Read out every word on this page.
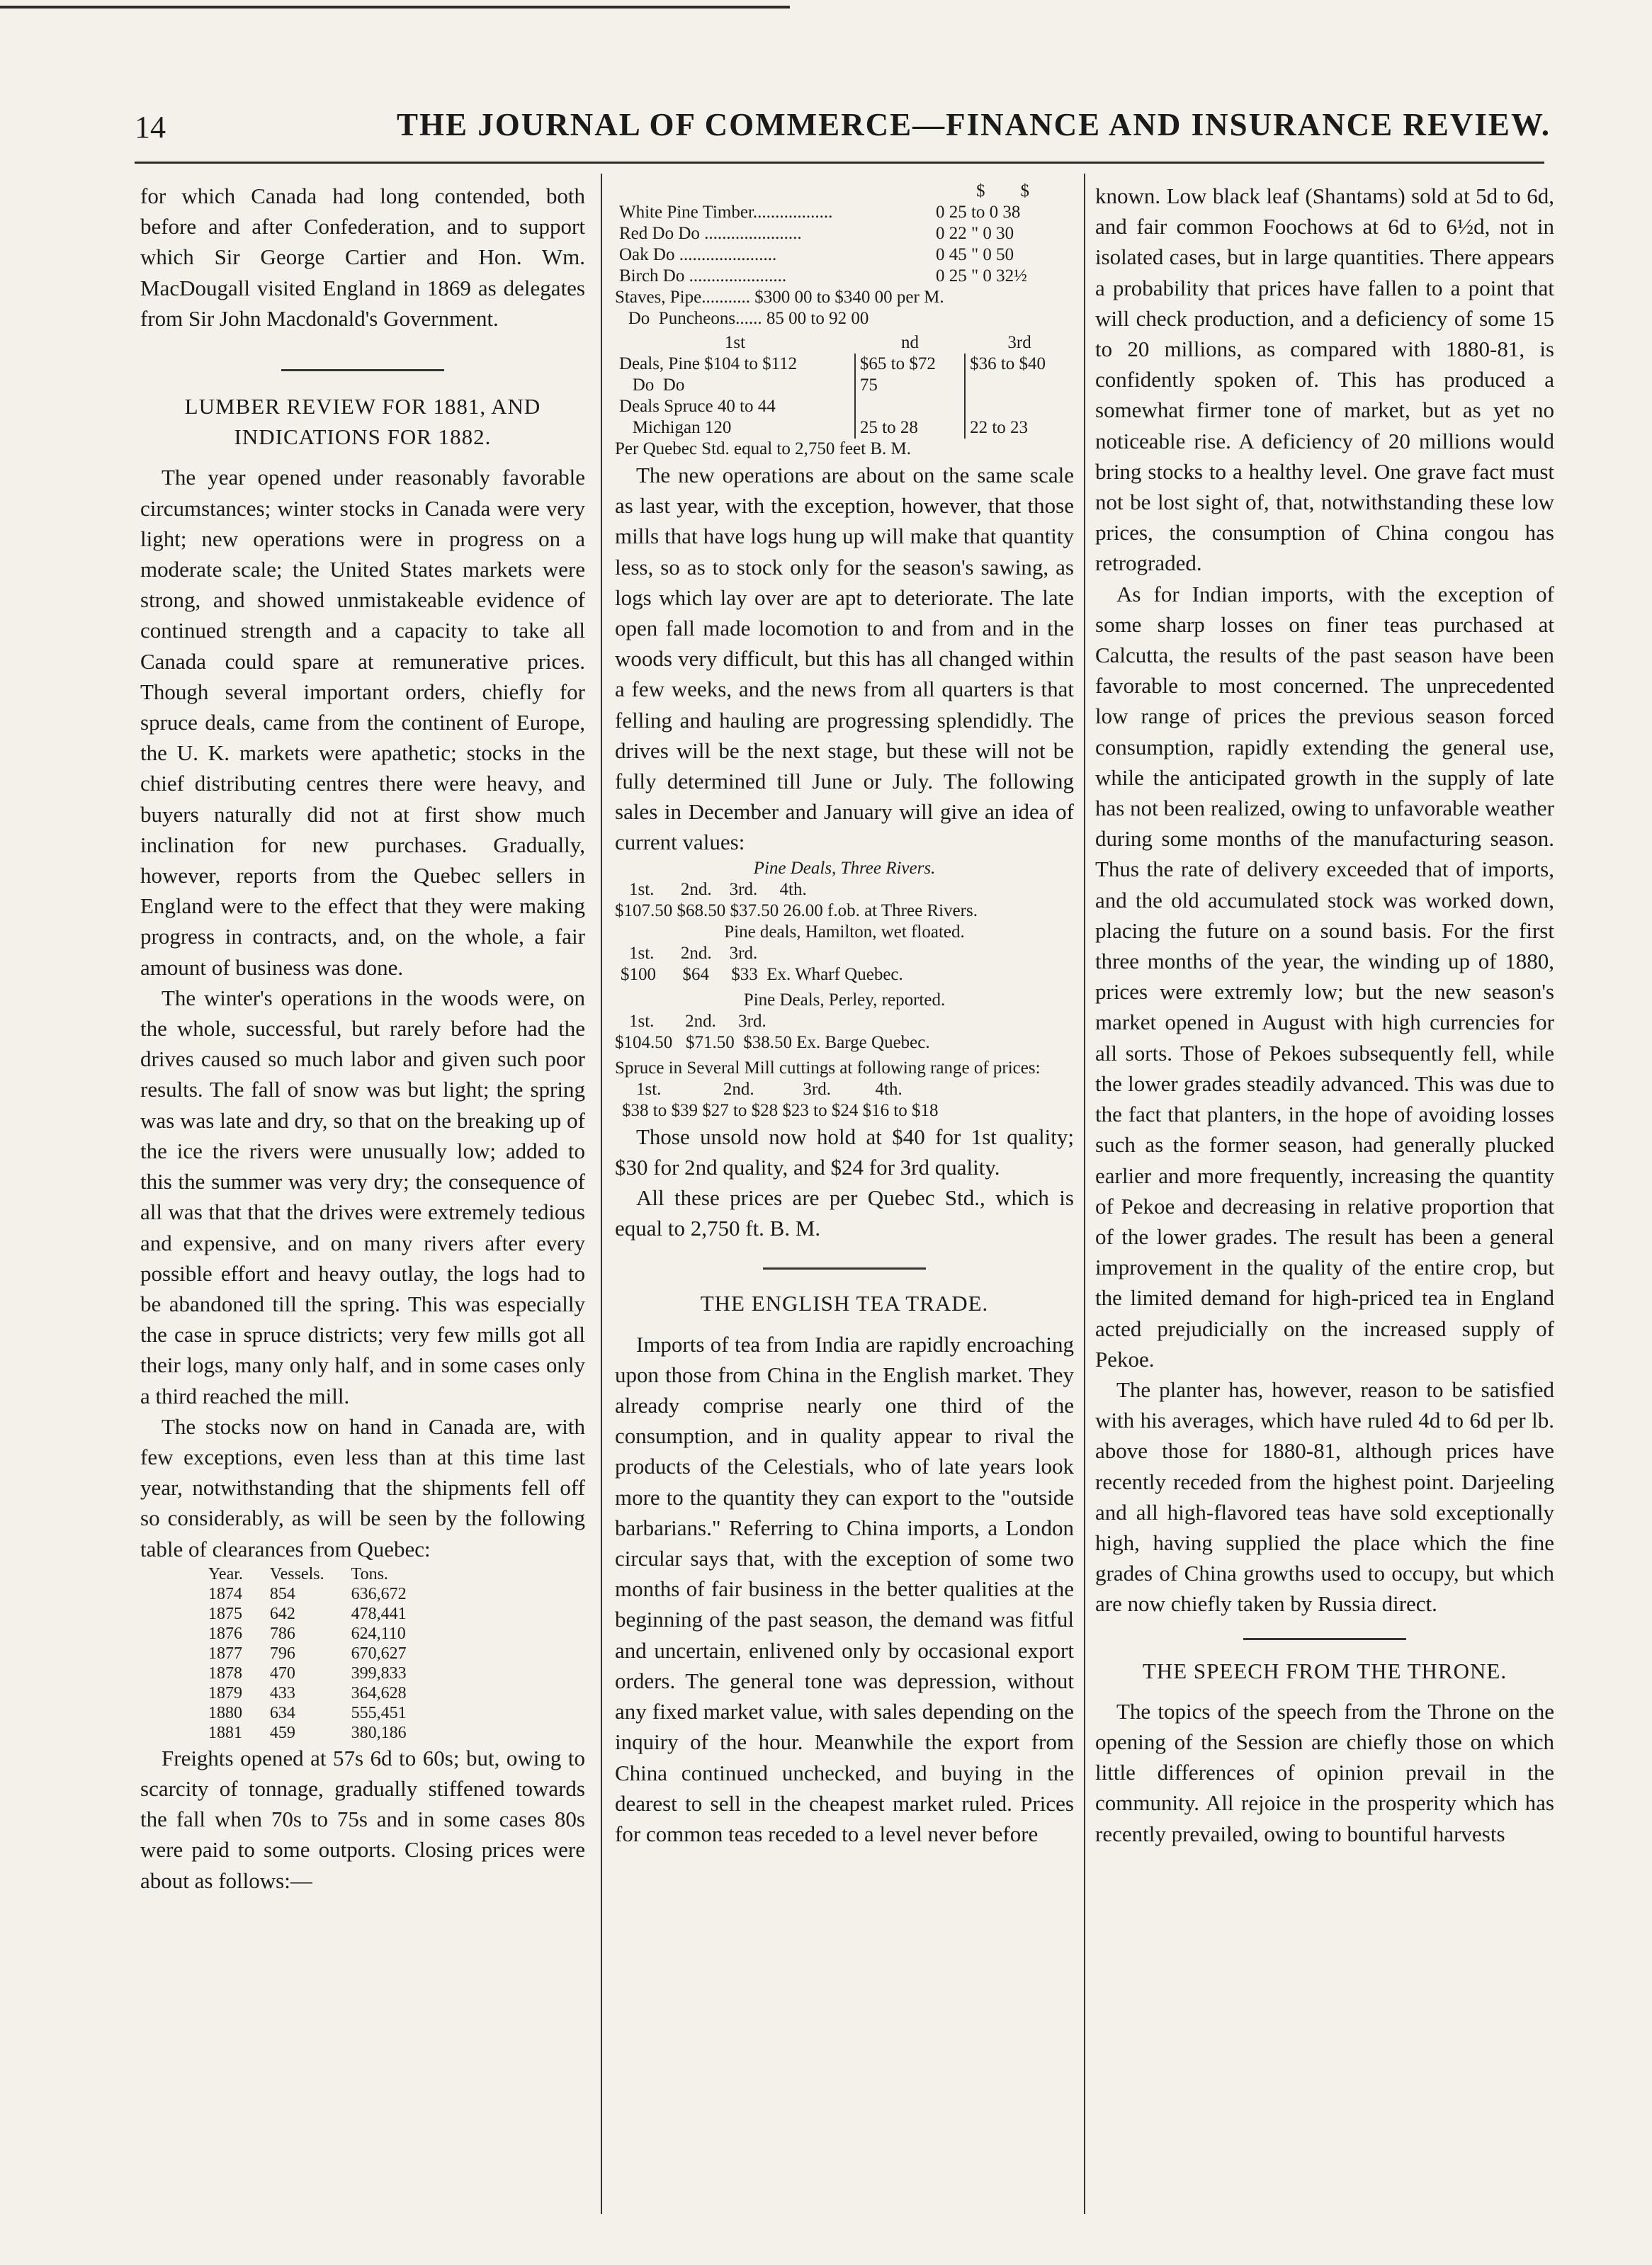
14	THE JOURNAL OF COMMERCE—FINANCE AND INSURANCE REVIEW.

for which Canada had long contended, both before and after Confederation, and to support which Sir George Cartier and Hon. Wm. MacDougall visited England in 1869 as delegates from Sir John Macdonald's Government.

LUMBER REVIEW FOR 1881, AND INDICATIONS FOR 1882.

The year opened under reasonably favorable circumstances; winter stocks in Canada were very light; new operations were in progress on a moderate scale; the United States markets were strong, and showed unmistakeable evidence of continued strength and a capacity to take all Canada could spare at remunerative prices. Though several important orders, chiefly for spruce deals, came from the continent of Europe, the U. K. markets were apathetic; stocks in the chief distributing centres there were heavy, and buyers naturally did not at first show much inclination for new purchases. Gradually, however, reports from the Quebec sellers in England were to the effect that they were making progress in contracts, and, on the whole, a fair amount of business was done.

The winter's operations in the woods were, on the whole, successful, but rarely before had the drives caused so much labor and given such poor results. The fall of snow was but light; the spring was was late and dry, so that on the breaking up of the ice the rivers were unusually low; added to this the summer was very dry; the consequence of all was that that the drives were extremely tedious and expensive, and on many rivers after every possible effort and heavy outlay, the logs had to be abandoned till the spring. This was especially the case in spruce districts; very few mills got all their logs, many only half, and in some cases only a third reached the mill.

The stocks now on hand in Canada are, with few exceptions, even less than at this time last year, notwithstanding that the shipments fell off so considerably, as will be seen by the following table of clearances from Quebec:

Year.	Vessels.	Tons.
1874	854	636,672
1875	642	478,441
1876	786	624,110
1877	796	670,627
1878	470	399,833
1879	433	364,628
1880	634	555,451
1881	459	380,186

Freights opened at 57s 6d to 60s; but, owing to scarcity of tonnage, gradually stiffened towards the fall when 70s to 75s and in some cases 80s were paid to some outports. Closing prices were about as follows:—

	$ $
White Pine Timber..................	0 25 to 0 38
Red Do Do ......................	0 22 " 0 30
Oak Do ......................	0 45 " 0 50
Birch Do ......................	0 25 " 0 32½
Staves, Pipe........... $300 00 to $340 00 per M.
Do  Puncheons...... 85 00 to 92 00
1st	nd	3rd
Deals, Pine $104 to $112	$65 to $72	$36 to $40
Do  Do	75	
Deals Spruce 40 to 44		
Michigan 120	25 to 28	22 to 23
Per Quebec Std. equal to 2,750 feet B. M.

The new operations are about on the same scale as last year, with the exception, however, that those mills that have logs hung up will make that quantity less, so as to stock only for the season's sawing, as logs which lay over are apt to deteriorate. The late open fall made locomotion to and from and in the woods very difficult, but this has all changed within a few weeks, and the news from all quarters is that felling and hauling are progressing splendidly. The drives will be the next stage, but these will not be fully determined till June or July. The following sales in December and January will give an idea of current values:

Pine Deals, Three Rivers.
1st.      2nd.    3rd.     4th.
$107.50 $68.50 $37.50 26.00 f.ob. at Three Rivers.
Pine deals, Hamilton, wet floated.
1st.      2nd.    3rd.
$100      $64     $33  Ex. Wharf Quebec.
Pine Deals, Perley, reported.
1st.       2nd.     3rd.
$104.50   $71.50  $38.50 Ex. Barge Quebec.
Spruce in Several Mill cuttings at following range of prices:
1st.              2nd.           3rd.          4th.
$38 to $39 $27 to $28 $23 to $24 $16 to $18

Those unsold now hold at $40 for 1st quality; $30 for 2nd quality, and $24 for 3rd quality.

All these prices are per Quebec Std., which is equal to 2,750 ft. B. M.

THE ENGLISH TEA TRADE.

Imports of tea from India are rapidly encroaching upon those from China in the English market. They already comprise nearly one third of the consumption, and in quality appear to rival the products of the Celestials, who of late years look more to the quantity they can export to the "outside barbarians." Referring to China imports, a London circular says that, with the exception of some two months of fair business in the better qualities at the beginning of the past season, the demand was fitful and uncertain, enlivened only by occasional export orders. The general tone was depression, without any fixed market value, with sales depending on the inquiry of the hour. Meanwhile the export from China continued unchecked, and buying in the dearest to sell in the cheapest market ruled. Prices for common teas receded to a level never before

known. Low black leaf (Shantams) sold at 5d to 6d, and fair common Foochows at 6d to 6½d, not in isolated cases, but in large quantities. There appears a probability that prices have fallen to a point that will check production, and a deficiency of some 15 to 20 millions, as compared with 1880-81, is confidently spoken of. This has produced a somewhat firmer tone of market, but as yet no noticeable rise. A deficiency of 20 millions would bring stocks to a healthy level. One grave fact must not be lost sight of, that, notwithstanding these low prices, the consumption of China congou has retrograded.

As for Indian imports, with the exception of some sharp losses on finer teas purchased at Calcutta, the results of the past season have been favorable to most concerned. The unprecedented low range of prices the previous season forced consumption, rapidly extending the general use, while the anticipated growth in the supply of late has not been realized, owing to unfavorable weather during some months of the manufacturing season. Thus the rate of delivery exceeded that of imports, and the old accumulated stock was worked down, placing the future on a sound basis. For the first three months of the year, the winding up of 1880, prices were extremly low; but the new season's market opened in August with high currencies for all sorts. Those of Pekoes subsequently fell, while the lower grades steadily advanced. This was due to the fact that planters, in the hope of avoiding losses such as the former season, had generally plucked earlier and more frequently, increasing the quantity of Pekoe and decreasing in relative proportion that of the lower grades. The result has been a general improvement in the quality of the entire crop, but the limited demand for high-priced tea in England acted prejudicially on the increased supply of Pekoe.

The planter has, however, reason to be satisfied with his averages, which have ruled 4d to 6d per lb. above those for 1880-81, although prices have recently receded from the highest point. Darjeeling and all high-flavored teas have sold exceptionally high, having supplied the place which the fine grades of China growths used to occupy, but which are now chiefly taken by Russia direct.

THE SPEECH FROM THE THRONE.

The topics of the speech from the Throne on the opening of the Session are chiefly those on which little differences of opinion prevail in the community. All rejoice in the prosperity which has recently prevailed, owing to bountiful harvests
